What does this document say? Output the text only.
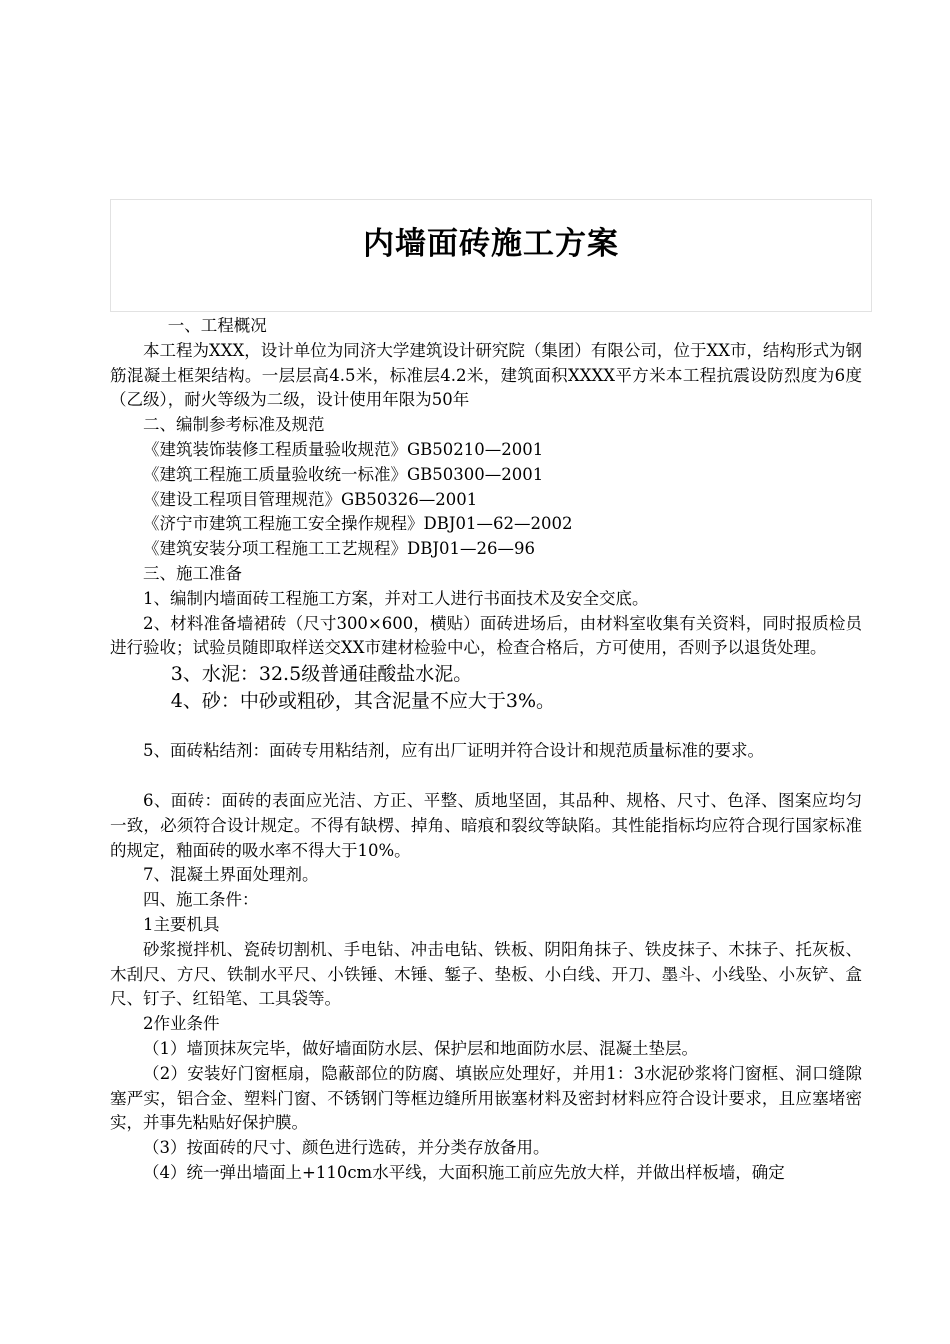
内墙面砖施工方案

一、工程概况

本工程为XXX，设计单位为同济大学建筑设计研究院（集团）有限公司，位于XX市，结构形式为钢筋混凝土框架结构。一层层高4.5米，标准层4.2米，建筑面积XXXX平方米本工程抗震设防烈度为6度（乙级），耐火等级为二级，设计使用年限为50年

二、编制参考标准及规范

《建筑装饰装修工程质量验收规范》GB50210—2001

《建筑工程施工质量验收统一标准》GB50300—2001

《建设工程项目管理规范》GB50326—2001

《济宁市建筑工程施工安全操作规程》DBJ01—62—2002

《建筑安装分项工程施工工艺规程》DBJ01—26—96

三、施工准备

1、编制内墙面砖工程施工方案，并对工人进行书面技术及安全交底。

2、材料准备墙裙砖（尺寸300×600，横贴）面砖进场后，由材料室收集有关资料，同时报质检员进行验收；试验员随即取样送交XX市建材检验中心，检查合格后，方可使用，否则予以退货处理。

3、水泥：32.5级普通硅酸盐水泥。

4、砂：中砂或粗砂，其含泥量不应大于3%。

5、面砖粘结剂：面砖专用粘结剂，应有出厂证明并符合设计和规范质量标准的要求。

6、面砖：面砖的表面应光洁、方正、平整、质地坚固，其品种、规格、尺寸、色泽、图案应均匀一致，必须符合设计规定。不得有缺楞、掉角、暗痕和裂纹等缺陷。其性能指标均应符合现行国家标准的规定，釉面砖的吸水率不得大于10%。

7、混凝土界面处理剂。

四、施工条件：

1主要机具

砂浆搅拌机、瓷砖切割机、手电钻、冲击电钻、铁板、阴阳角抹子、铁皮抹子、木抹子、托灰板、木刮尺、方尺、铁制水平尺、小铁锤、木锤、錾子、垫板、小白线、开刀、墨斗、小线坠、小灰铲、盒尺、钉子、红铅笔、工具袋等。

2作业条件

（1）墙顶抹灰完毕，做好墙面防水层、保护层和地面防水层、混凝土垫层。

（2）安装好门窗框扇，隐蔽部位的防腐、填嵌应处理好，并用1：3水泥砂浆将门窗框、洞口缝隙塞严实，铝合金、塑料门窗、不锈钢门等框边缝所用嵌塞材料及密封材料应符合设计要求，且应塞堵密实，并事先粘贴好保护膜。

（3）按面砖的尺寸、颜色进行选砖，并分类存放备用。

（4）统一弹出墙面上+110cm水平线，大面积施工前应先放大样，并做出样板墙，确定
